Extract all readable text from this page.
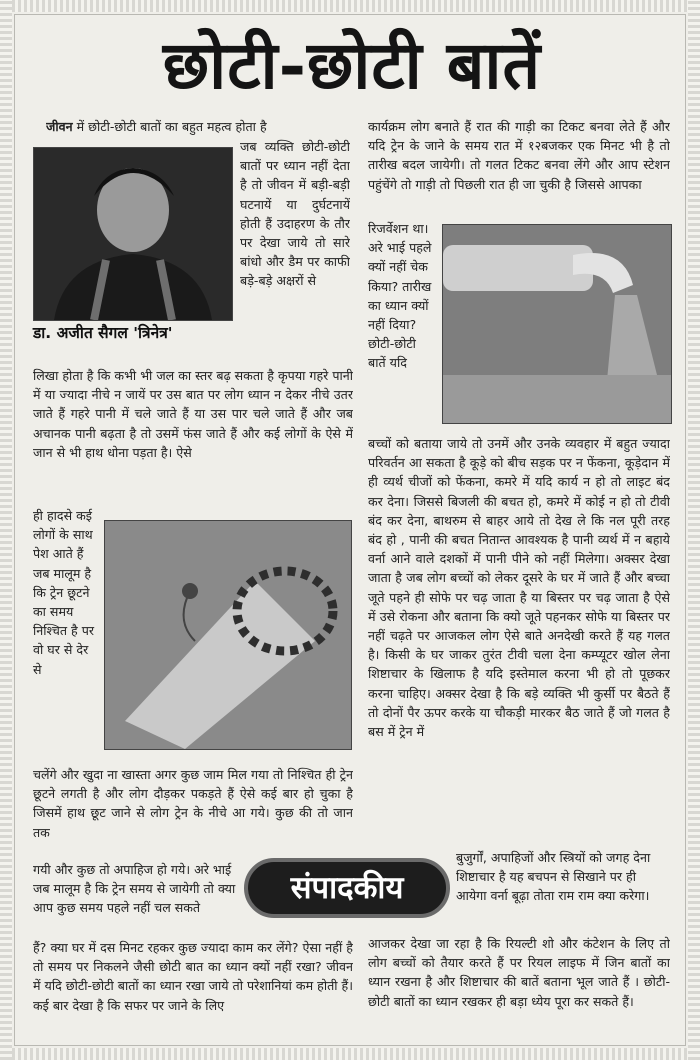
छोटी-छोटी बातें
जीवन में छोटी-छोटी बातों का बहुत महत्व होता है
डा. अजीत सैगल 'त्रिनेत्र'

जब व्यक्ति छोटी-छोटी बातों पर ध्यान नहीं देता है तो जीवन में बड़ी-बड़ी घटनायें या दुर्घटनायें होती हैं उदाहरण के तौर पर देखा जाये तो सारे बांधो और डैम पर काफी बड़े-बड़े अक्षरों से

लिखा होता है कि कभी भी जल का स्तर बढ़ सकता है कृपया गहरे पानी में या ज्यादा नीचे न जायें पर उस बात पर लोग ध्यान न देकर नीचे उतर जाते हैं गहरे पानी में चले जाते हैं या उस पार चले जाते हैं और जब अचानक पानी बढ़ता है तो उसमें फंस जाते हैं और कई लोगों के ऐसे में जान से भी हाथ धोना पड़ता है। ऐसे

ही हादसे कई लोगों के साथ पेश आते हैं जब मालूम है कि ट्रेन छूटने का समय निश्चित है पर वो घर से देर से

चलेंगे और खुदा ना खास्ता अगर कुछ जाम मिल गया तो निश्चित ही ट्रेन छूटने लगती है और लोग दौड़कर पकड़ते हैं ऐसे कई बार हो चुका है जिसमें हाथ छूट जाने से लोग ट्रेन के नीचे आ गये। कुछ की तो जान तक

गयी और कुछ तो अपाहिज हो गये। अरे भाई जब मालूम है कि ट्रेन समय से जायेगी तो क्या आप कुछ समय पहले नहीं चल सकते

हैं? क्या घर में दस मिनट रहकर कुछ ज्यादा काम कर लेंगे? ऐसा नहीं है तो समय पर निकलने जैसी छोटी बात का ध्यान क्यों नहीं रखा? जीवन में यदि छोटी-छोटी बातों का ध्यान रखा जाये तो परेशानियां कम होती हैं।कई बार देखा है कि सफर पर जाने के लिए

कार्यक्रम लोग बनाते हैं रात की गाड़ी का टिकट बनवा लेते हैं और यदि ट्रेन के जाने के समय रात में १२बजकर एक मिनट भी है तो तारीख बदल जायेगी। तो गलत टिकट बनवा लेंगे और आप स्टेशन पहुंचेंगे तो गाड़ी तो पिछली रात ही जा चुकी है जिससे आपका

रिजर्वेशन था। अरे भाई पहले क्यों नहीं चेक किया? तारीख का ध्यान क्यों नहीं दिया? छोटी-छोटी बातें यदि

बच्चों को बताया जाये तो उनमें और उनके व्यवहार में बहुत ज्यादा परिवर्तन आ सकता है कूड़े को बीच सड़क पर न फेंकना, कूड़ेदान में ही व्यर्थ चीजों को फेंकना, कमरे में यदि कार्य न हो तो लाइट बंद कर देना। जिससे बिजली की बचत हो, कमरे में कोई न हो तो टीवी बंद कर देना, बाथरुम से बाहर आये तो देख ले कि नल पूरी तरह बंद हो , पानी की बचत नितान्त आवश्यक है पानी व्यर्थ में न बहाये वर्ना आने वाले दशकों में पानी पीने को नहीं मिलेगा। अक्सर देखा जाता है जब लोग बच्चों को लेकर दूसरे के घर में जाते हैं और बच्चा जूते पहने ही सोफे पर चढ़ जाता है या बिस्तर पर चढ़ जाता है ऐसे में उसे रोकना और बताना कि क्यो जूते पहनकर सोफे या बिस्तर पर नहीं चढ़ते पर आजकल लोग ऐसे बाते अनदेखी करते हैं यह गलत है। किसी के घर जाकर तुरंत टीवी चला देना कम्प्यूटर खोल लेना शिष्टाचार के खिलाफ है यदि इस्तेमाल करना भी हो तो पूछकर करना चाहिए। अक्सर देखा है कि बड़े व्यक्ति भी कुर्सी पर बैठते हैं तो दोनों पैर ऊपर करके या चौकड़ी मारकर बैठ जाते हैं जो गलत है बस में ट्रेन में

बुजुर्गों, अपाहिजों और स्त्रियों को जगह देना शिष्टाचार है यह बचपन से सिखाने पर ही आयेगा वर्ना बूढ़ा तोता राम राम क्या करेगा।

आजकर देखा जा रहा है कि रियल्टी शो और कंटेशन के लिए तो लोग बच्चों को तैयार करते हैं पर रियल लाइफ में जिन बातों का ध्यान रखना है और शिष्टाचार की बातें बताना भूल जाते हैं । छोटी-छोटी बातों का ध्यान रखकर ही बड़ा ध्येय पूरा कर सकते हैं।

संपादकीय
